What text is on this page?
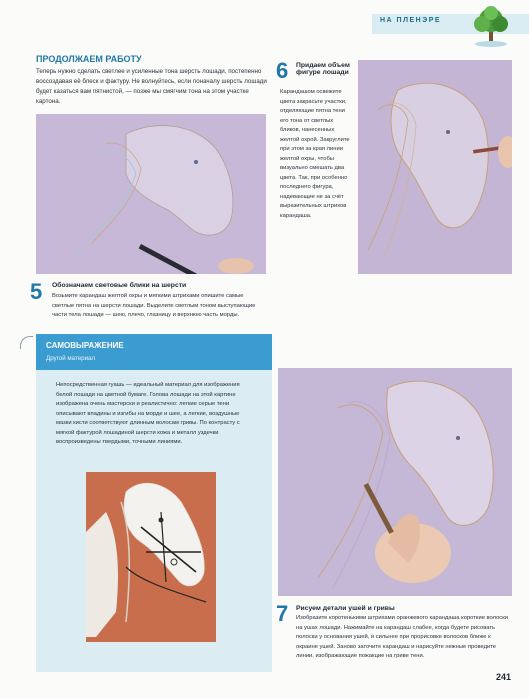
НА ПЛЕНЭРЕ
ПРОДОЛЖАЕМ РАБОТУ
Теперь нужно сделать светлее и усиленные тона шерсть лошади, постепенно воссоздавая её блеск и фактуру. Не волнуйтесь, если поначалу шерсть лошади будет казаться вам пятнистой, — позже мы смягчим тона на этом участке картона.
5 Обозначаем световые блики на шерсти
Возьмите карандаш желтой охры и мягкими штрихами опишите самые светлые пятна на шерсти лошади. Выделите светлым тоном выступающие части тела лошади — шею, плечо, глазницу и верхнюю часть морды.
6 Придаем объем фигуре лошади
Карандашом освежите цвета закрасьте участки, отделяющие пятна тени его тона от светлых бликов, нанесенных желтой охрой. Закруглите при этом за края линии желтой охры, чтобы визуально смешать два цвета. Так, при особенно последнего фигура, надевающие не за счёт выразительных штрихов карандаша.
САМОВЫРАЖЕНИЕ
Другой материал
Непосредственная гуашь — идеальный материал для изображения белой лошади на цветной бумаге. Голова лошади на этой картине изображена очень мастерски и реалистично: легкие серые тени описывают впадины и изгибы на морде и шее, а легкие, воздушные мазки кисти соответствуют длинным волосам гривы. По контрасту с мягкой фактурой лошадиной шерсти кожа и металл уздечки воспроизведены твердыми, точными линиями.
7 Рисуем детали ушей и гривы
Изобразите коротенькими штрихами оранжевого карандаша короткие волоски на ушах лошади. Нажимайте на карандаш слабее, когда будете рисовать полоски у основания ушей, и сильнее при прорисовке волосков ближе к окраине ушей. Заново заточите карандаш и нарисуйте нежные проведите линии, изображающие пожакцие на гриве тени.
241
